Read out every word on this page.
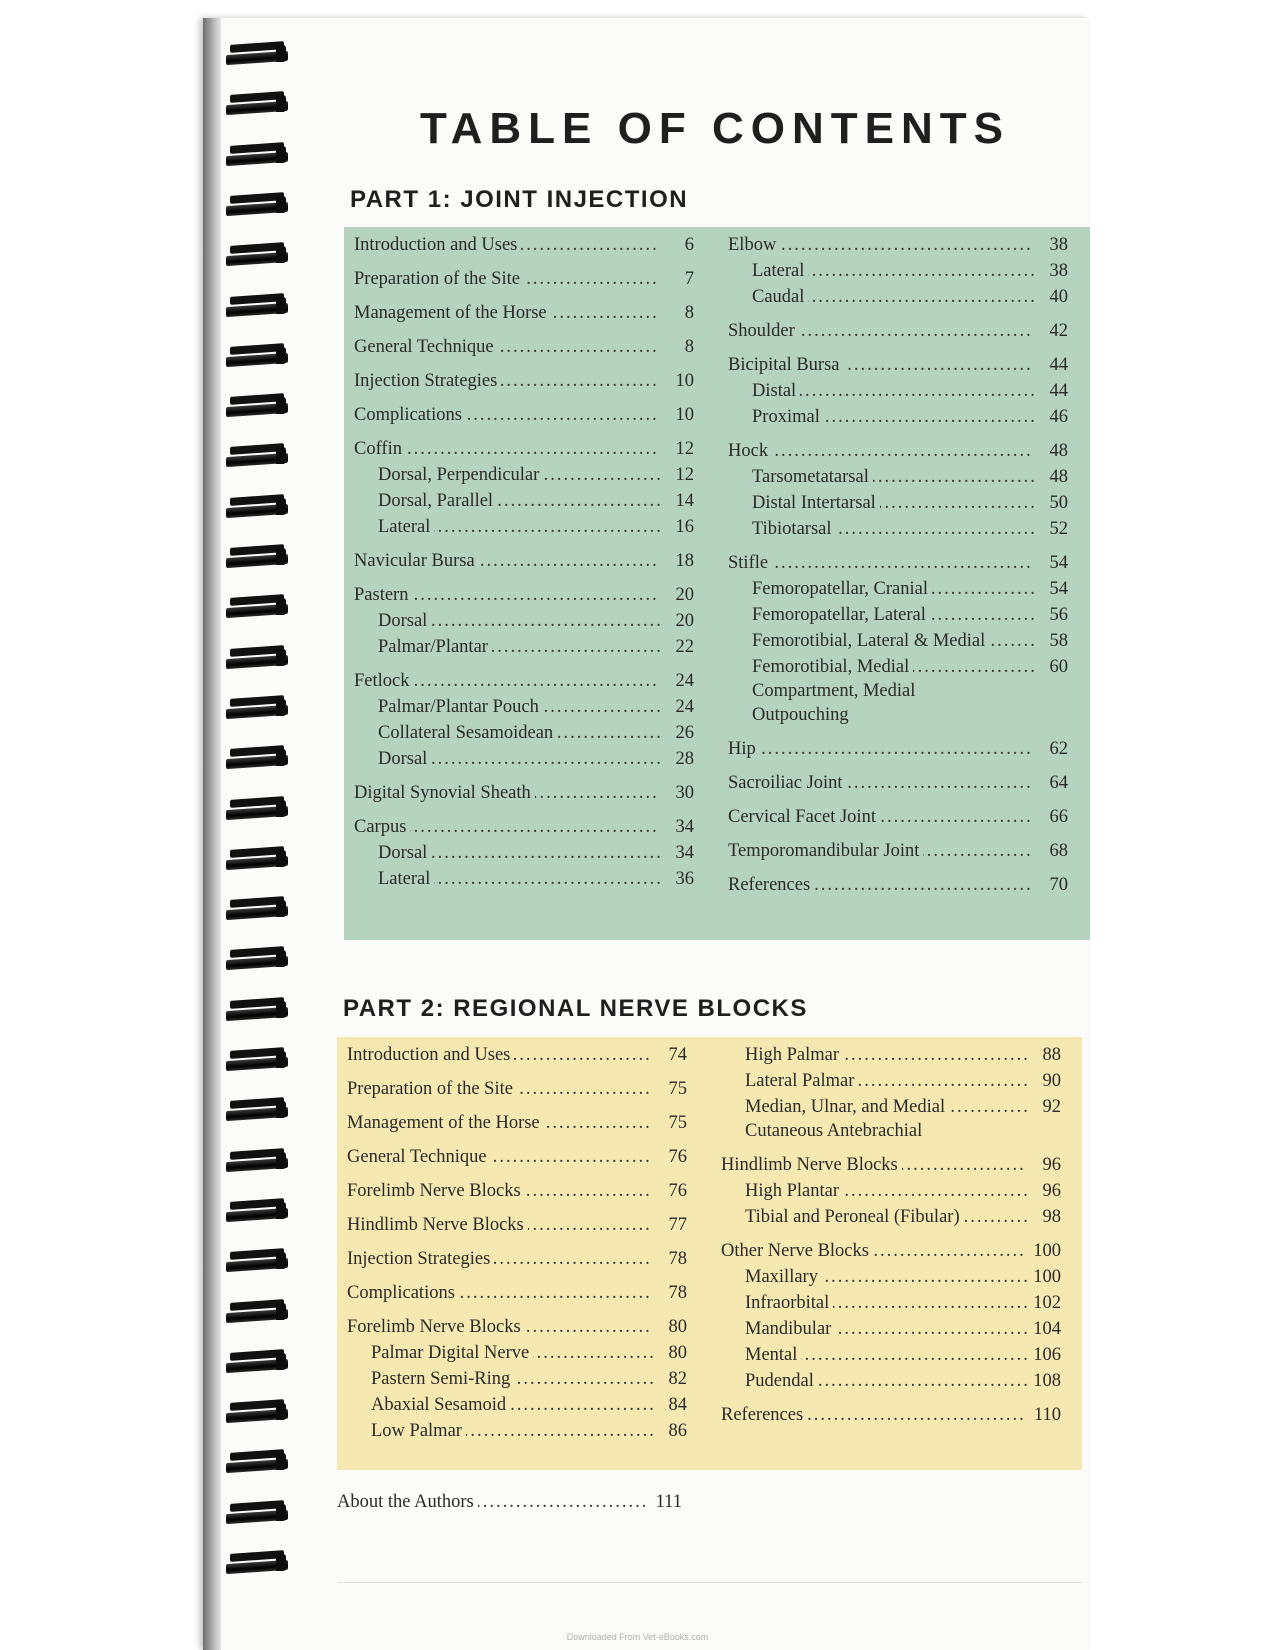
TABLE OF CONTENTS
PART 1: JOINT INJECTION
Introduction and Uses .....	6
Preparation of the Site .....	7
Management of the Horse .....	8
General Technique .....	8
Injection Strategies .....	10
Complications .....	10
Coffin .....	12
Dorsal, Perpendicular .....	12
Dorsal, Parallel .....	14
Lateral .....	16
Navicular Bursa .....	18
Pastern .....	20
Dorsal .....	20
Palmar/Plantar .....	22
Fetlock .....	24
Palmar/Plantar Pouch .....	24
Collateral Sesamoidean .....	26
Dorsal .....	28
Digital Synovial Sheath .....	30
Carpus .....	34
Dorsal .....	34
Lateral .....	36
Elbow .....	38
Lateral .....	38
Caudal .....	40
Shoulder .....	42
Bicipital Bursa .....	44
Distal .....	44
Proximal .....	46
Hock .....	48
Tarsometatarsal .....	48
Distal Intertarsal .....	50
Tibiotarsal .....	52
Stifle .....	54
Femoropatellar, Cranial .....	54
Femoropatellar, Lateral .....	56
Femorotibial, Lateral & Medial .....	58
Femorotibial, Medial .....	60
Compartment, Medial
Outpouching
Hip .....	62
Sacroiliac Joint .....	64
Cervical Facet Joint .....	66
Temporomandibular Joint .....	68
References .....	70
PART 2: REGIONAL NERVE BLOCKS
Introduction and Uses .....	74
Preparation of the Site .....	75
Management of the Horse .....	75
General Technique .....	76
Forelimb Nerve Blocks .....	76
Hindlimb Nerve Blocks .....	77
Injection Strategies .....	78
Complications .....	78
Forelimb Nerve Blocks .....	80
Palmar Digital Nerve .....	80
Pastern Semi-Ring .....	82
Abaxial Sesamoid .....	84
Low Palmar .....	86
High Palmar .....	88
Lateral Palmar .....	90
Median, Ulnar, and Medial .....	92
Cutaneous Antebrachial
Hindlimb Nerve Blocks .....	96
High Plantar .....	96
Tibial and Peroneal (Fibular) .....	98
Other Nerve Blocks .....	100
Maxillary .....	100
Infraorbital .....	102
Mandibular .....	104
Mental .....	106
Pudendal .....	108
References .....	110
About the Authors .....	111
Downloaded From Vet-eBooks.com
